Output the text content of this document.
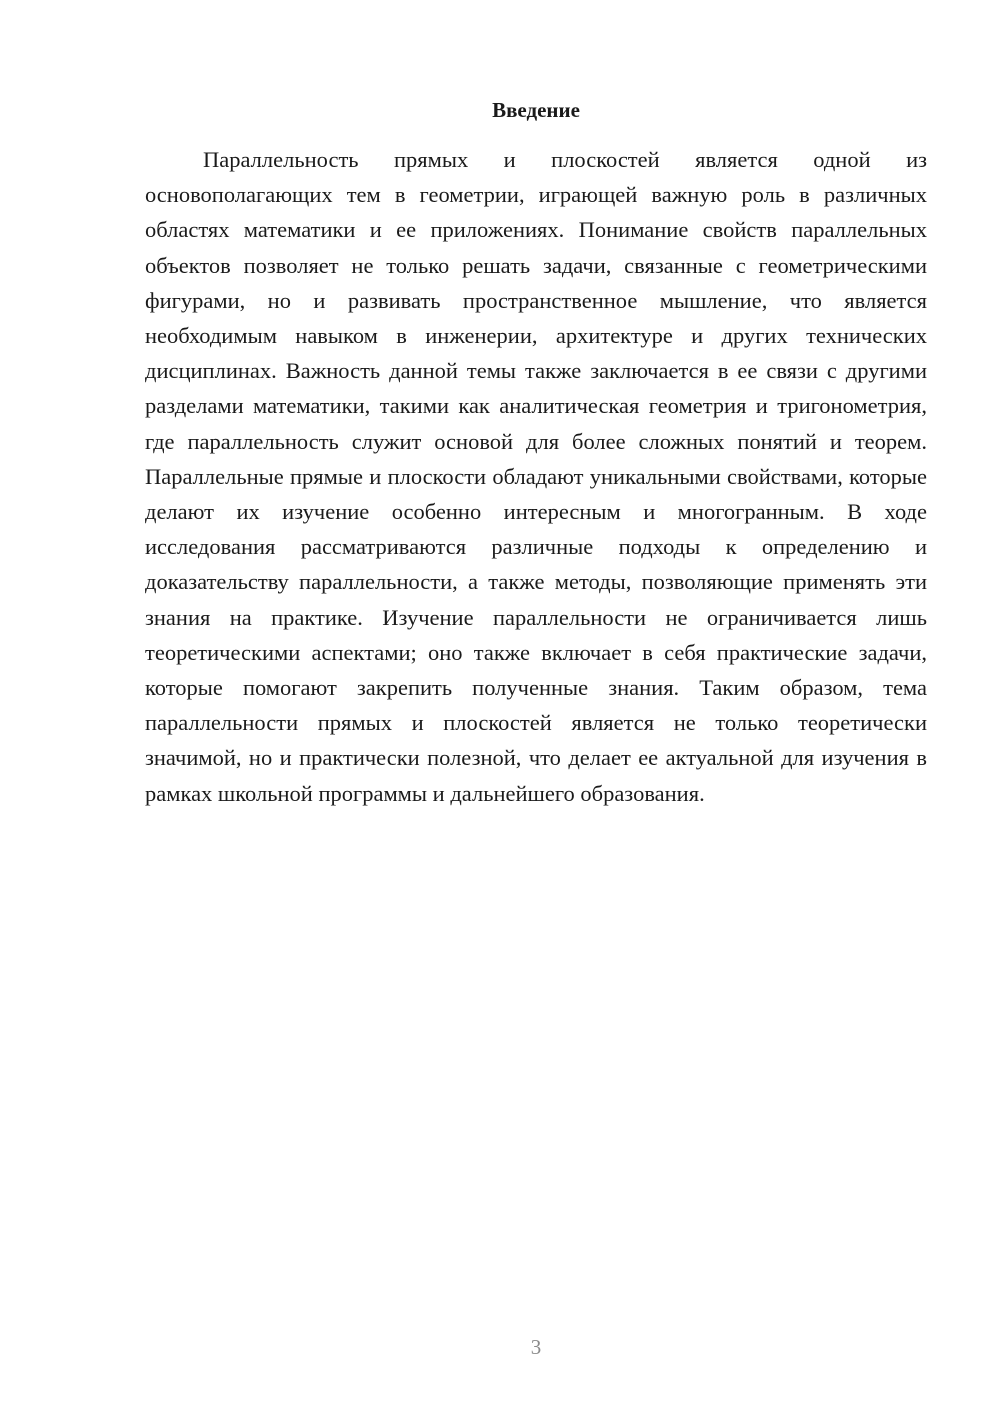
Введение

Параллельность прямых и плоскостей является одной из основополагающих тем в геометрии, играющей важную роль в различных областях математики и ее приложениях. Понимание свойств параллельных объектов позволяет не только решать задачи, связанные с геометрическими фигурами, но и развивать пространственное мышление, что является необходимым навыком в инженерии, архитектуре и других технических дисциплинах. Важность данной темы также заключается в ее связи с другими разделами математики, такими как аналитическая геометрия и тригонометрия, где параллельность служит основой для более сложных понятий и теорем. Параллельные прямые и плоскости обладают уникальными свойствами, которые делают их изучение особенно интересным и многогранным. В ходе исследования рассматриваются различные подходы к определению и доказательству параллельности, а также методы, позволяющие применять эти знания на практике. Изучение параллельности не ограничивается лишь теоретическими аспектами; оно также включает в себя практические задачи, которые помогают закрепить полученные знания. Таким образом, тема параллельности прямых и плоскостей является не только теоретически значимой, но и практически полезной, что делает ее актуальной для изучения в рамках школьной программы и дальнейшего образования.

3
